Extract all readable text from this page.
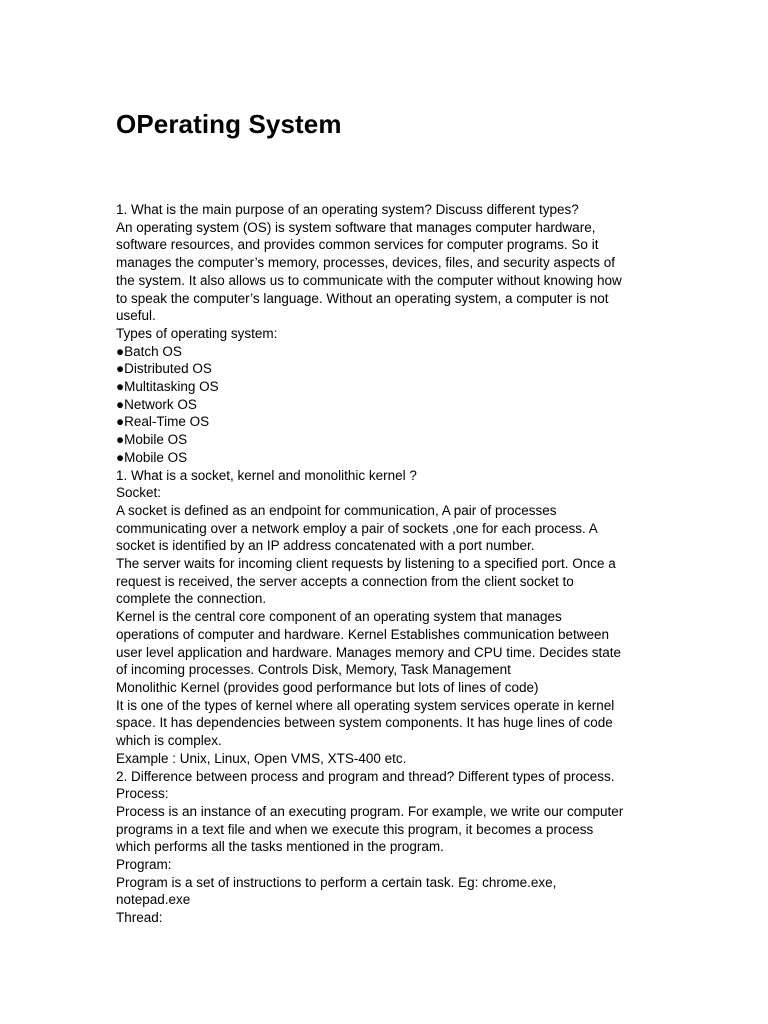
OPerating System

1. What is the main purpose of an operating system? Discuss different types?

An operating system (OS) is system software that manages computer hardware,

software resources, and provides common services for computer programs. So it

manages the computer’s memory, processes, devices, files, and security aspects of

the system. It also allows us to communicate with the computer without knowing how

to speak the computer’s language. Without an operating system, a computer is not

useful.

Types of operating system:

●Batch OS

●Distributed OS

●Multitasking OS

●Network OS

●Real-Time OS

●Mobile OS

●Mobile OS

1. What is a socket, kernel and monolithic kernel ?

Socket:

A socket is defined as an endpoint for communication, A pair of processes

communicating over a network employ a pair of sockets ,one for each process. A

socket is identified by an IP address concatenated with a port number.

The server waits for incoming client requests by listening to a specified port. Once a

request is received, the server accepts a connection from the client socket to

complete the connection.

Kernel is the central core component of an operating system that manages

operations of computer and hardware. Kernel Establishes communication between

user level application and hardware. Manages memory and CPU time. Decides state

of incoming processes. Controls Disk, Memory, Task Management

Monolithic Kernel (provides good performance but lots of lines of code)

It is one of the types of kernel where all operating system services operate in kernel

space. It has dependencies between system components. It has huge lines of code

which is complex.

Example : Unix, Linux, Open VMS, XTS-400 etc.

2. Difference between process and program and thread? Different types of process.

Process:

Process is an instance of an executing program. For example, we write our computer

programs in a text file and when we execute this program, it becomes a process

which performs all the tasks mentioned in the program.

Program:

Program is a set of instructions to perform a certain task. Eg: chrome.exe,

notepad.exe

Thread:
